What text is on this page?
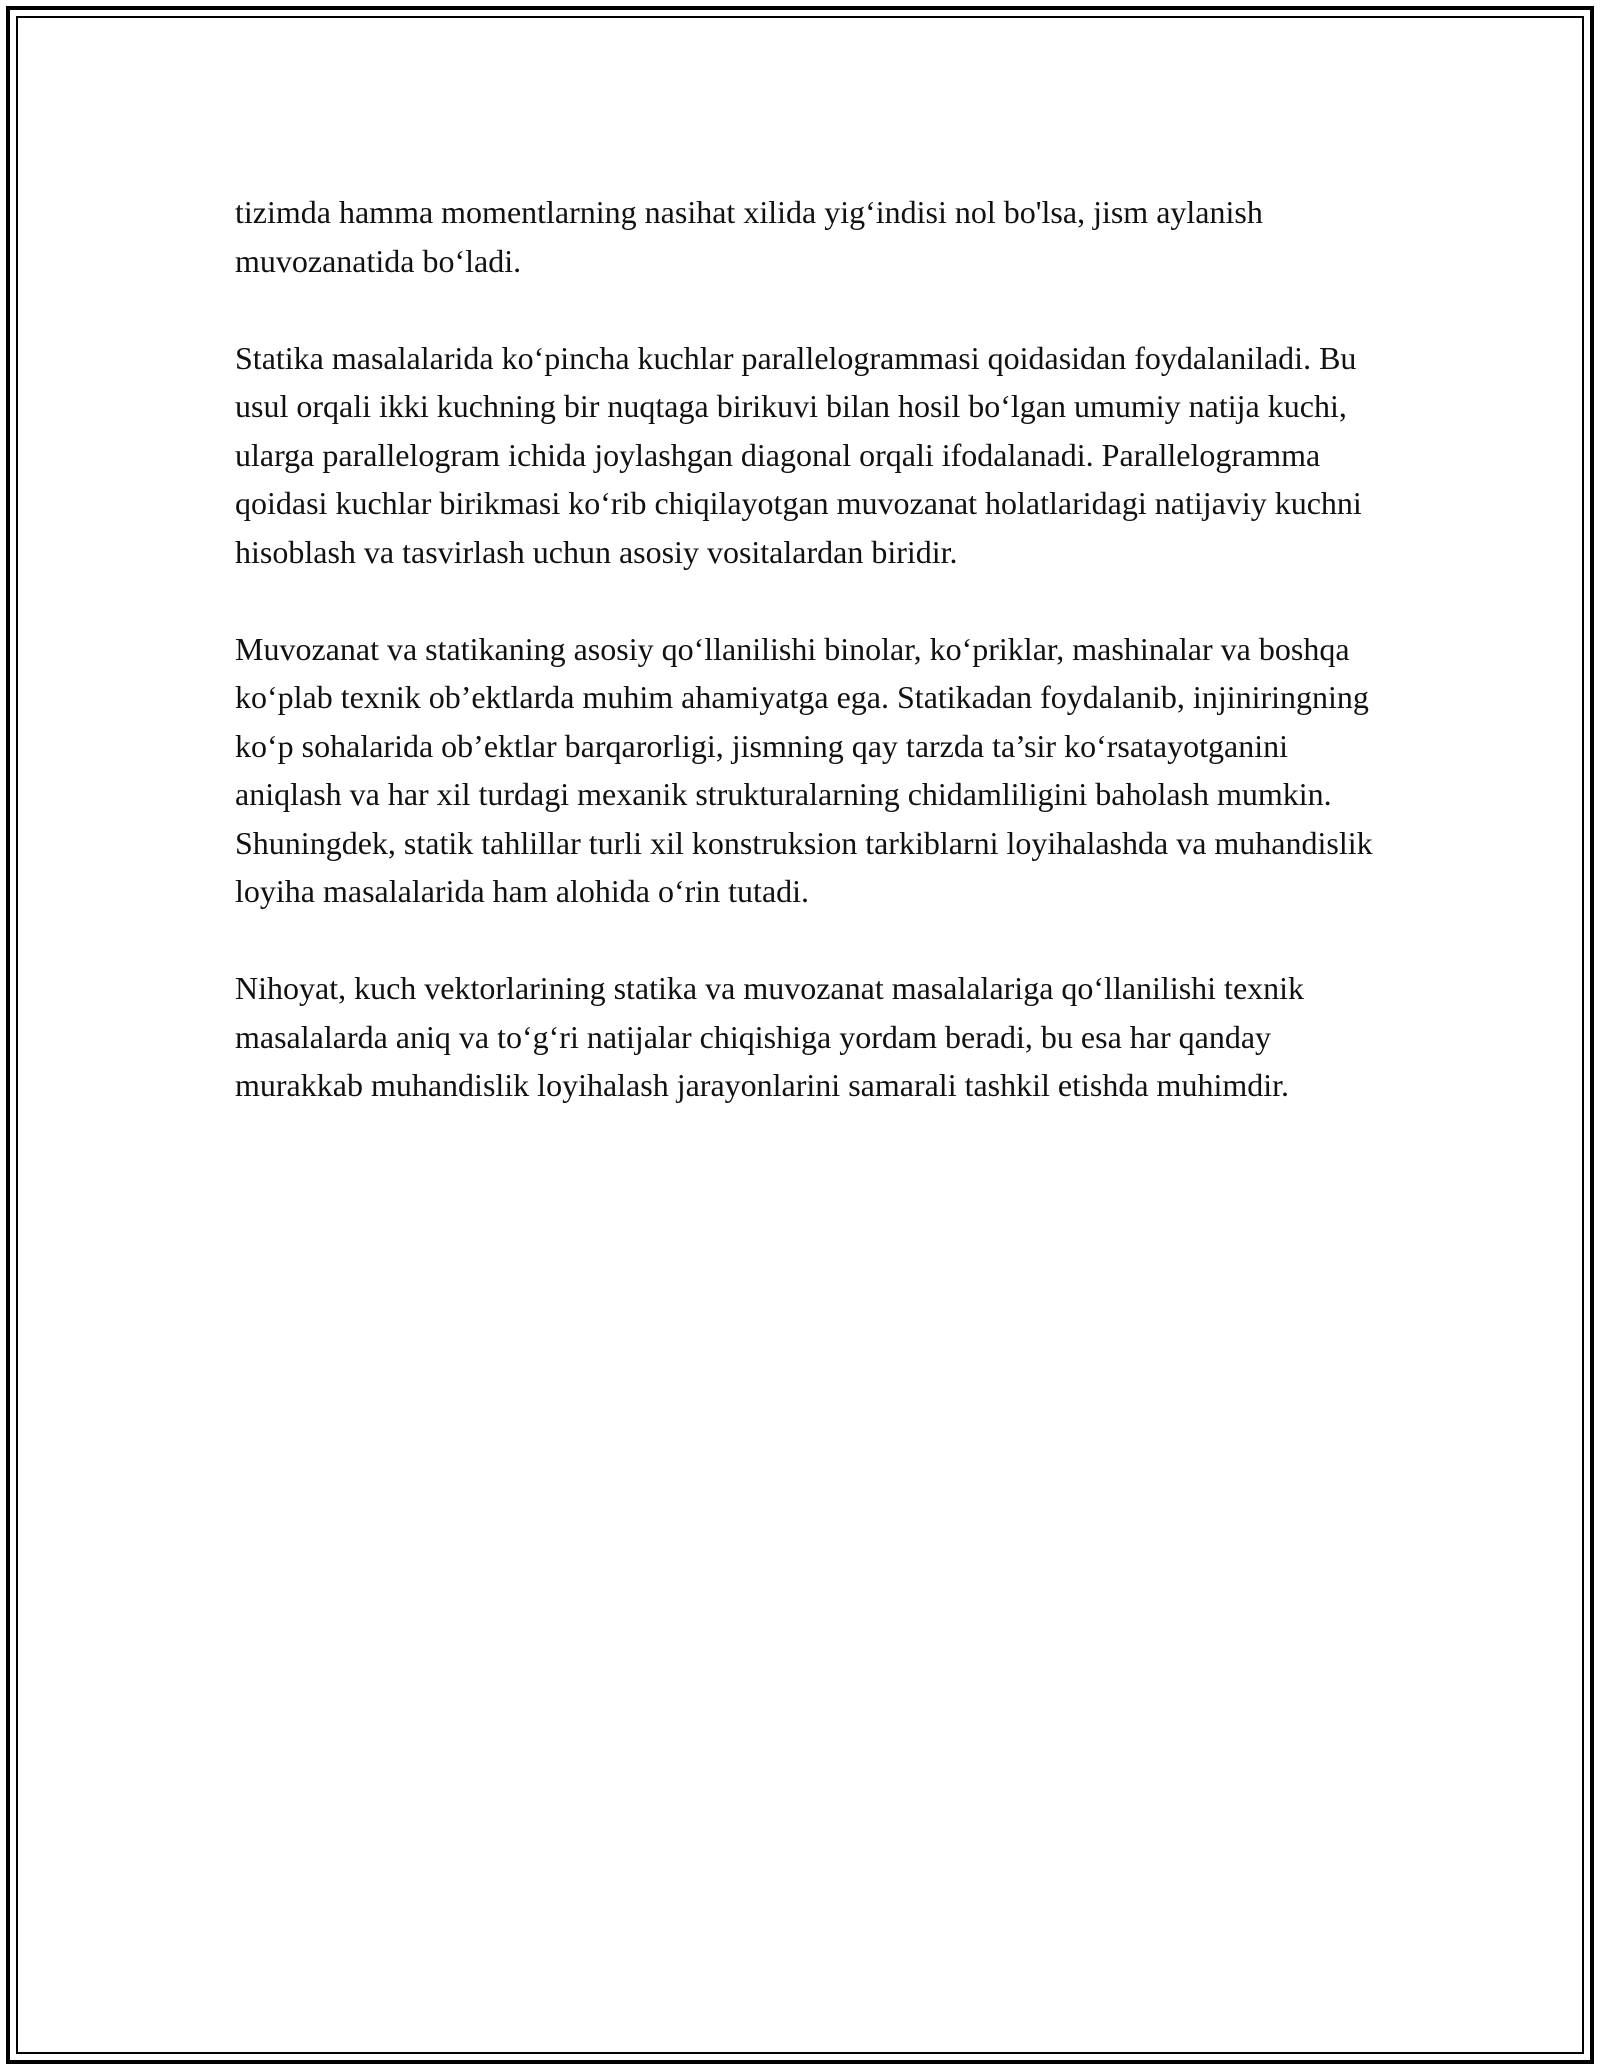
tizimda hamma momentlarning nasihat xilida yig‘indisi nol bo'lsa, jism aylanish muvozanatida bo‘ladi.

Statika masalalarida ko‘pincha kuchlar parallelogrammasi qoidasidan foydalaniladi. Bu usul orqali ikki kuchning bir nuqtaga birikuvi bilan hosil bo‘lgan umumiy natija kuchi, ularga parallelogram ichida joylashgan diagonal orqali ifodalanadi. Parallelogramma qoidasi kuchlar birikmasi ko‘rib chiqilayotgan muvozanat holatlaridagi natijaviy kuchni hisoblash va tasvirlash uchun asosiy vositalardan biridir.

Muvozanat va statikaning asosiy qo‘llanilishi binolar, ko‘priklar, mashinalar va boshqa ko‘plab texnik ob’ektlarda muhim ahamiyatga ega. Statikadan foydalanib, injiniringning ko‘p sohalarida ob’ektlar barqarorligi, jismning qay tarzda ta’sir ko‘rsatayotganini aniqlash va har xil turdagi mexanik strukturalarning chidamliligini baholash mumkin. Shuningdek, statik tahlillar turli xil konstruksion tarkiblarni loyihalashda va muhandislik loyiha masalalarida ham alohida o‘rin tutadi.

Nihoyat, kuch vektorlarining statika va muvozanat masalalariga qo‘llanilishi texnik masalalarda aniq va to‘g‘ri natijalar chiqishiga yordam beradi, bu esa har qanday murakkab muhandislik loyihalash jarayonlarini samarali tashkil etishda muhimdir.
